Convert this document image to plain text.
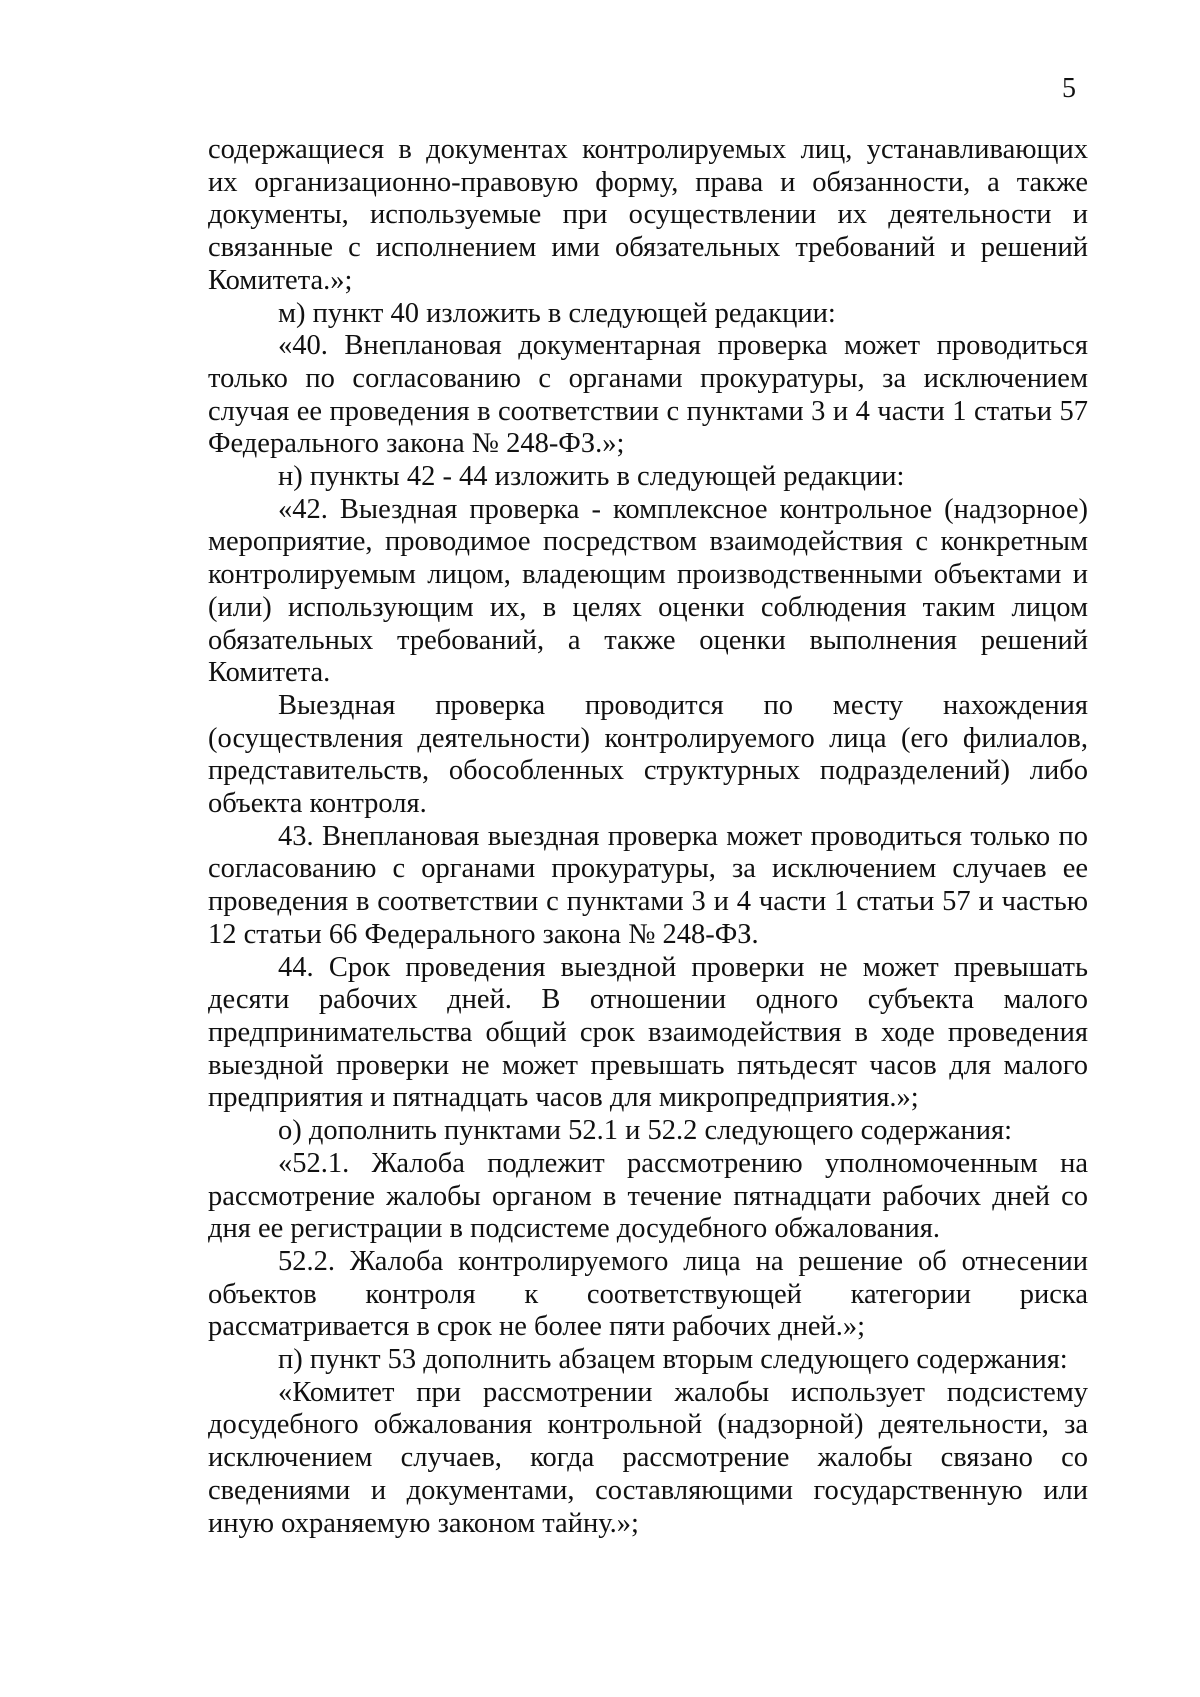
5

содержащиеся в документах контролируемых лиц, устанавливающих их организационно-правовую форму, права и обязанности, а также документы, используемые при осуществлении их деятельности и связанные с исполнением ими обязательных требований и решений Комитета.»;

м) пункт 40 изложить в следующей редакции:

«40. Внеплановая документарная проверка может проводиться только по согласованию с органами прокуратуры, за исключением случая ее проведения в соответствии с пунктами 3 и 4 части 1 статьи 57 Федерального закона № 248-ФЗ.»;

н) пункты 42 - 44 изложить в следующей редакции:

«42. Выездная проверка - комплексное контрольное (надзорное) мероприятие, проводимое посредством взаимодействия с конкретным контролируемым лицом, владеющим производственными объектами и (или) использующим их, в целях оценки соблюдения таким лицом обязательных требований, а также оценки выполнения решений Комитета.

Выездная проверка проводится по месту нахождения (осуществления деятельности) контролируемого лица (его филиалов, представительств, обособленных структурных подразделений) либо объекта контроля.

43. Внеплановая выездная проверка может проводиться только по согласованию с органами прокуратуры, за исключением случаев ее проведения в соответствии с пунктами 3 и 4 части 1 статьи 57 и частью 12 статьи 66 Федерального закона № 248-ФЗ.

44. Срок проведения выездной проверки не может превышать десяти рабочих дней. В отношении одного субъекта малого предпринимательства общий срок взаимодействия в ходе проведения выездной проверки не может превышать пятьдесят часов для малого предприятия и пятнадцать часов для микропредприятия.»;

о) дополнить пунктами 52.1 и 52.2 следующего содержания:

«52.1. Жалоба подлежит рассмотрению уполномоченным на рассмотрение жалобы органом в течение пятнадцати рабочих дней со дня ее регистрации в подсистеме досудебного обжалования.

52.2. Жалоба контролируемого лица на решение об отнесении объектов контроля к соответствующей категории риска рассматривается в срок не более пяти рабочих дней.»;

п) пункт 53 дополнить абзацем вторым следующего содержания:

«Комитет при рассмотрении жалобы использует подсистему досудебного обжалования контрольной (надзорной) деятельности, за исключением случаев, когда рассмотрение жалобы связано со сведениями и документами, составляющими государственную или иную охраняемую законом тайну.»;
